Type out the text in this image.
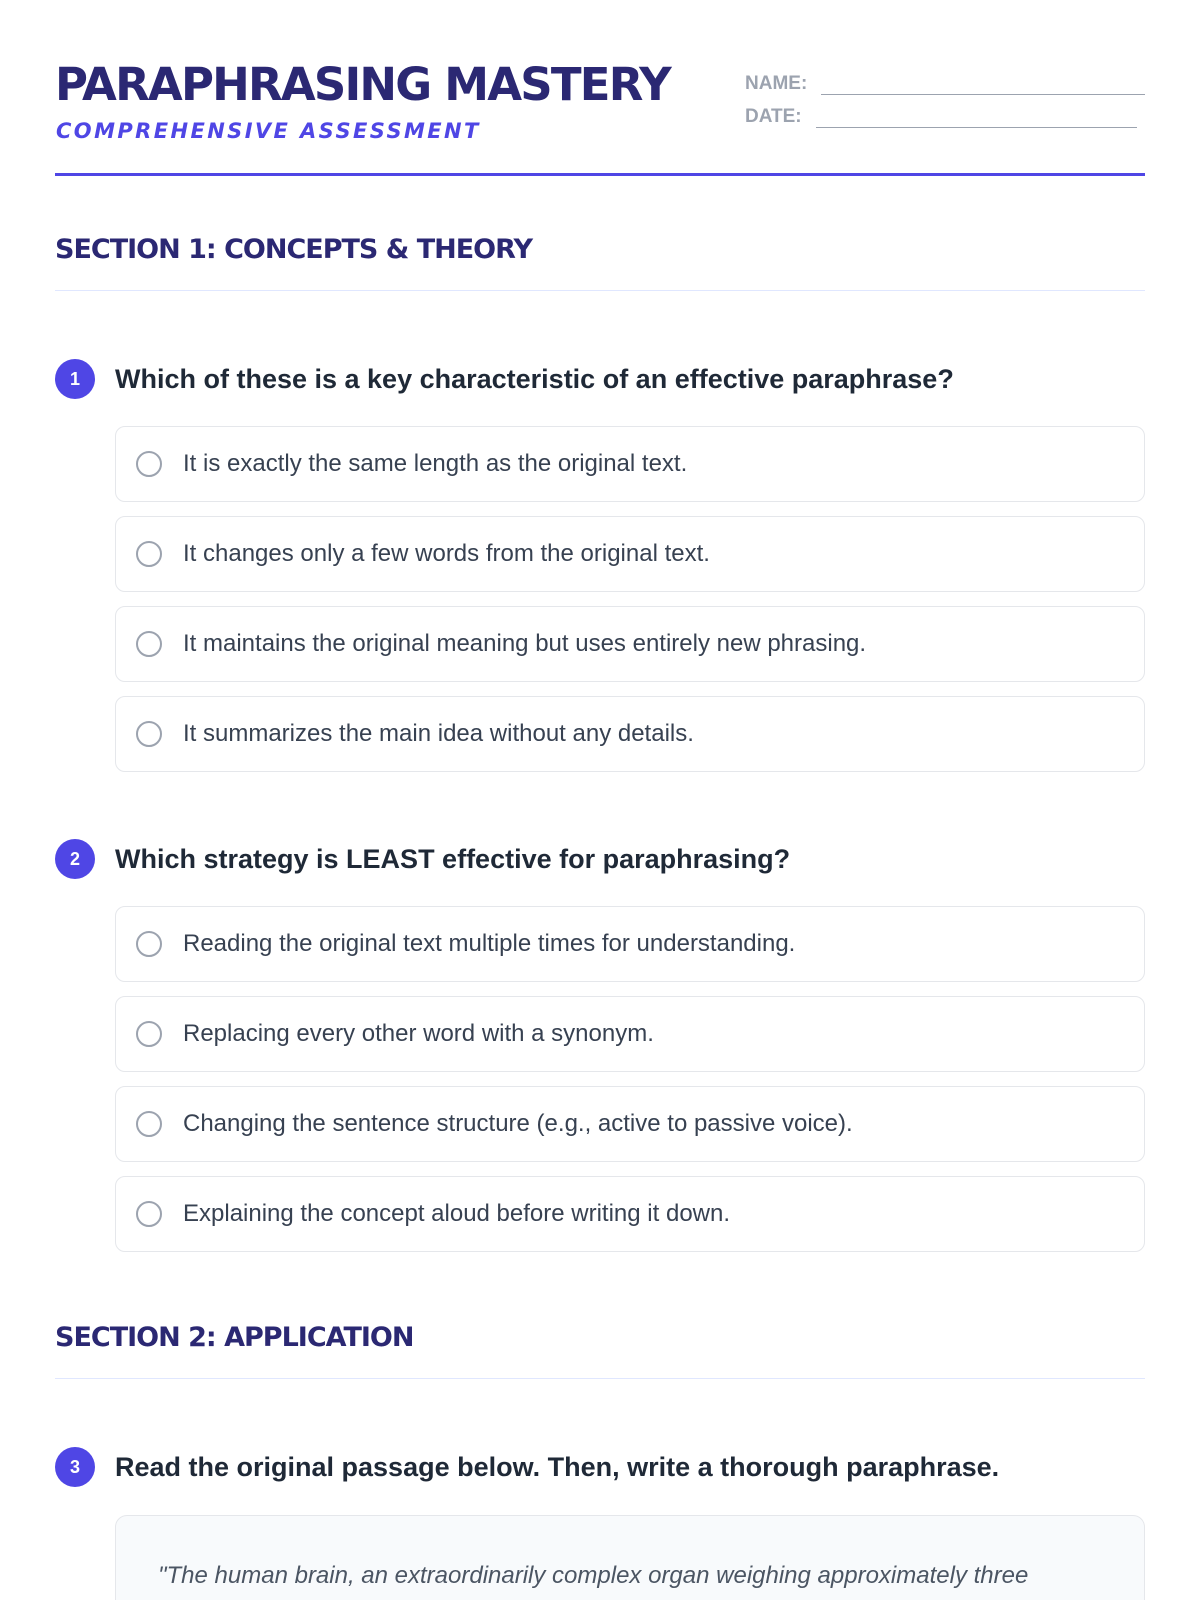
PARAPHRASING MASTERY
COMPREHENSIVE ASSESSMENT
NAME:
DATE:
SECTION 1: CONCEPTS & THEORY
1	Which of these is a key characteristic of an effective paraphrase?
It is exactly the same length as the original text.
It changes only a few words from the original text.
It maintains the original meaning but uses entirely new phrasing.
It summarizes the main idea without any details.
2	Which strategy is LEAST effective for paraphrasing?
Reading the original text multiple times for understanding.
Replacing every other word with a synonym.
Changing the sentence structure (e.g., active to passive voice).
Explaining the concept aloud before writing it down.
SECTION 2: APPLICATION
3	Read the original passage below. Then, write a thorough paraphrase.
"The human brain, an extraordinarily complex organ weighing approximately three
